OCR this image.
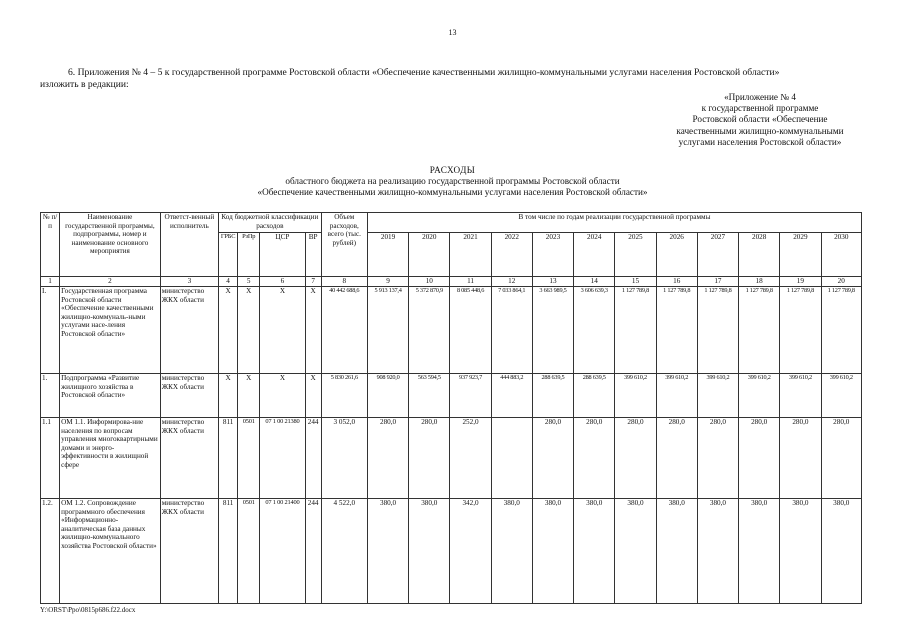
13
6. Приложения № 4 – 5 к государственной программе Ростовской области «Обеспечение качественными жилищно-коммунальными услугами населения Ростовской области»
изложить в редакции:
«Приложение № 4
к государственной программе
Ростовской области «Обеспечение
качественными жилищно-коммунальными
услугами населения Ростовской области»
РАСХОДЫ
областного бюджета на реализацию государственной программы Ростовской области
«Обеспечение качественными жилищно-коммунальными услугами населения Ростовской области»
№ п/п	Наименование государственной программы, подпрограммы, номер и наименование основного мероприятия	Ответст-венный исполнитель	Код бюджетной классификации расходов				Объем расходов, всего (тыс. рублей)	В том числе по годам реализации государственной программы											
			ГРБС	РзПр	ЦСР	ВР		2019	2020	2021	2022	2023	2024	2025	2026	2027	2028	2029	2030
1	2	3	4	5	6	7	8	9	10	11	12	13	14	15	16	17	18	19	20
I.	Государственная программа Ростовской области «Обеспечение качественными жилищно-коммуналь-ными услугами насе-ления Ростовской области»	министерство ЖКХ области	Х	Х	Х	Х	40 442 688,6	5 913 137,4	5 372 870,9	8 085 448,6	7 033 864,1	3 663 989,5	3 606 639,3	1 127 789,8	1 127 789,8	1 127 789,8	1 127 789,8	1 127 789,8	1 127 789,8
1.	Подпрограмма «Развитие жилищного хозяйства в Ростовской области»	министерство ЖКХ области	Х	Х	Х	Х	5 830 261,6	908 920,0	563 594,5	937 923,7	444 883,2	288 639,5	288 639,5	399 610,2	399 610,2	399 610,2	399 610,2	399 610,2	399 610,2
1.1	ОМ 1.1. Информирова-ние населения по вопросам управления многоквартирными домами и энерго-эффективности в жилищной сфере	министерство ЖКХ области	811	0501	07 1 00 21380	244	3 052,0	280,0	280,0	252,0		280,0	280,0	280,0	280,0	280,0	280,0	280,0	280,0
1.2.	ОМ 1.2. Сопровождение программного обеспечения «Информационно-аналитическая база данных жилищно-коммунального хозяйства Ростовской области»	министерство ЖКХ области	811	0501	07 1 00 21400	244	4 522,0	380,0	380,0	342,0	380,0	380,0	380,0	380,0	380,0	380,0	380,0	380,0	380,0
Y:\ORST\Ppo\0815p686.f22.docx
